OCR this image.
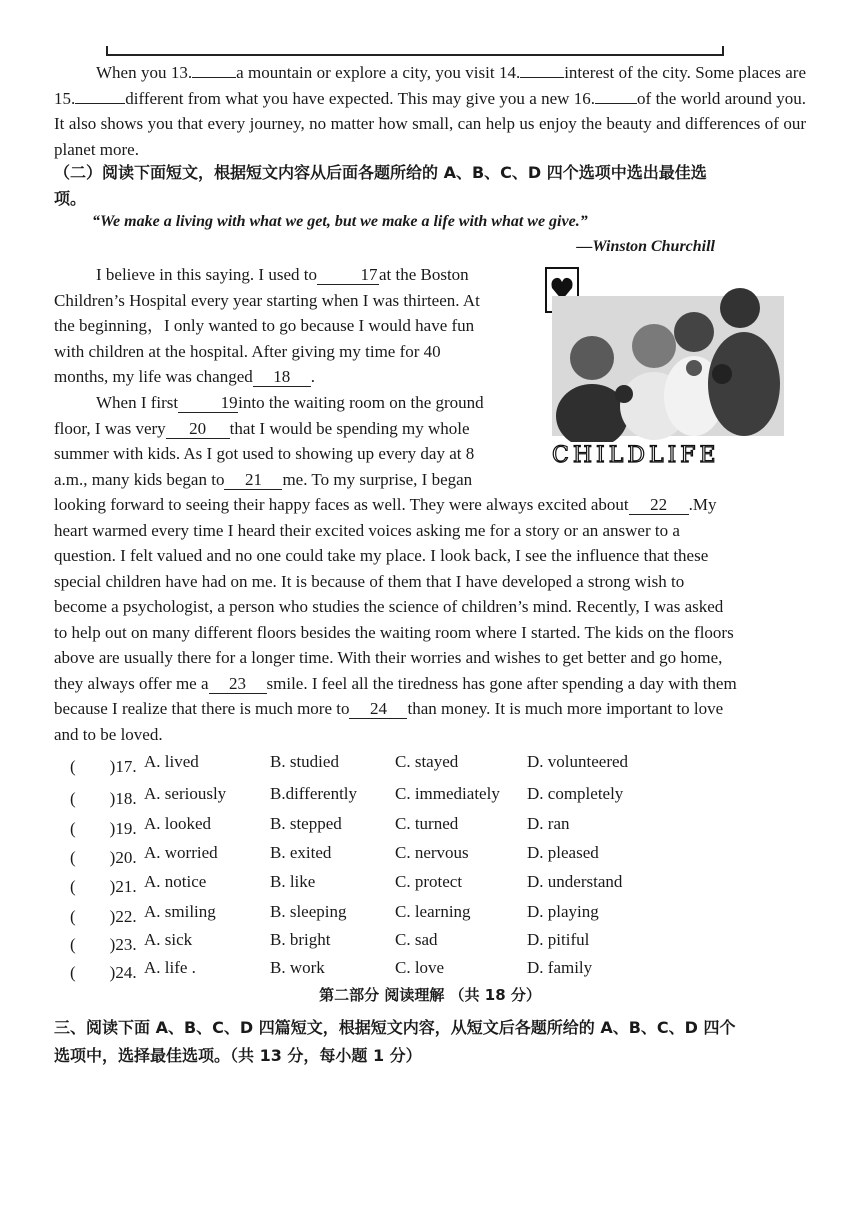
When you 13.	a mountain or explore a city, you visit 14.	interest of the city. Some places are 15.	different from what you have expected. This may give you a new 16. of the world around you. It also shows you that every journey, no matter how small, can help us enjoy the beauty and differences of our planet more.
（二）阅读下面短文，根据短文内容从后面各题所给的 A、B、C、D 四个选项中选出最佳选
项。
“We make a living with what we get, but we make a life with what we give.”
—Winston Churchill
CHILDLIFE
I believe in this saying. I used to	17at the Boston
Children’s Hospital every year starting when I was thirteen. At
the beginning，I only wanted to go because I would have fun
with children at the hospital. After giving my time for 40
months, my life was changed 18 .
When I first	19into the waiting room on the ground
floor, I was very 20 that I would be spending my whole
summer with kids. As I got used to showing up every day at 8
a.m., many kids began to 21 me. To my surprise, I began
looking forward to seeing their happy faces as well. They were always excited about 22 .My
heart warmed every time I heard their excited voices asking me for a story or an answer to a
question. I felt valued and no one could take my place. I look back, I see the influence that these
special children have had on me. It is because of them that I have developed a strong wish to
become a psychologist, a person who studies the science of children’s mind. Recently, I was asked
to help out on many different floors besides the waiting room where I started. The kids on the floors
above are usually there for a longer time. With their worries and wishes to get better and go home,
they always offer me a 23 smile. I feel all the tiredness has gone after spending a day with them
because I realize that there is much more to 24 than money. It is much more important to love
and to be loved.
(　　)17. A. lived	B. studied	C. stayed	D. volunteered
(　　)18. A. seriously	B.differently C. immediately D. completely
(　　)19. A. looked	B. stepped	C. turned	D. ran
(　　)20. A. worried	B. exited	C. nervous	D. pleased
(　　)21. A. notice	B. like	C. protect	D. understand
(　　)22. A. smiling	B. sleeping	C. learning	D. playing
(　　)23. A. sick	B. bright	C. sad	D. pitiful
(　　)24. A. life .	B. work	C. love	D. family
第二部分 阅读理解 （共 18 分）
三、阅读下面 A、B、C、D 四篇短文，根据短文内容，从短文后各题所给的 A、B、C、D 四个
选项中，选择最佳选项。（共 13 分，每小题 1 分）
